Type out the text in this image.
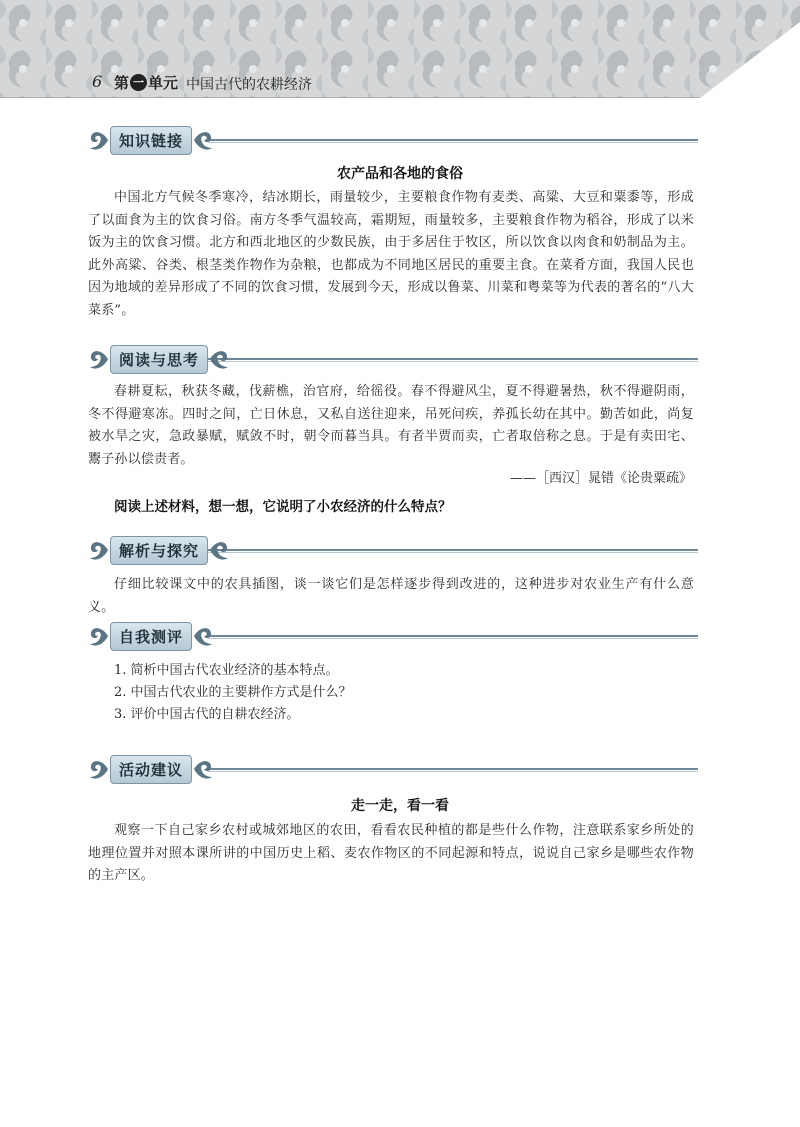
6 第 一 单元 中国古代的农耕经济
知识链接
农产品和各地的食俗
中国北方气候冬季寒冷，结冰期长，雨量较少，主要粮食作物有麦类、高粱、大豆和粟黍等，形成了以面食为主的饮食习俗。南方冬季气温较高，霜期短，雨量较多，主要粮食作物为稻谷，形成了以米饭为主的饮食习惯。北方和西北地区的少数民族，由于多居住于牧区，所以饮食以肉食和奶制品为主。此外高粱、谷类、根茎类作物作为杂粮，也都成为不同地区居民的重要主食。在菜肴方面，我国人民也因为地域的差异形成了不同的饮食习惯，发展到今天，形成以鲁菜、川菜和粤菜等为代表的著名的“八大菜系”。
阅读与思考
春耕夏耘，秋获冬藏，伐薪樵，治官府，给徭役。春不得避风尘，夏不得避暑热，秋不得避阴雨，冬不得避寒冻。四时之间，亡日休息，又私自送往迎来，吊死问疾，养孤长幼在其中。勤苦如此，尚复被水旱之灾，急政暴赋，赋敛不时，朝令而暮当具。有者半贾而卖，亡者取倍称之息。于是有卖田宅、鬻子孙以偿责者。
——［西汉］晁错《论贵粟疏》
阅读上述材料，想一想，它说明了小农经济的什么特点？
解析与探究
仔细比较课文中的农具插图，谈一谈它们是怎样逐步得到改进的，这种进步对农业生产有什么意义。
自我测评
1. 简析中国古代农业经济的基本特点。
2. 中国古代农业的主要耕作方式是什么？
3. 评价中国古代的自耕农经济。
活动建议
走一走，看一看
观察一下自己家乡农村或城郊地区的农田，看看农民种植的都是些什么作物，注意联系家乡所处的地理位置并对照本课所讲的中国历史上稻、麦农作物区的不同起源和特点，说说自己家乡是哪些农作物的主产区。
